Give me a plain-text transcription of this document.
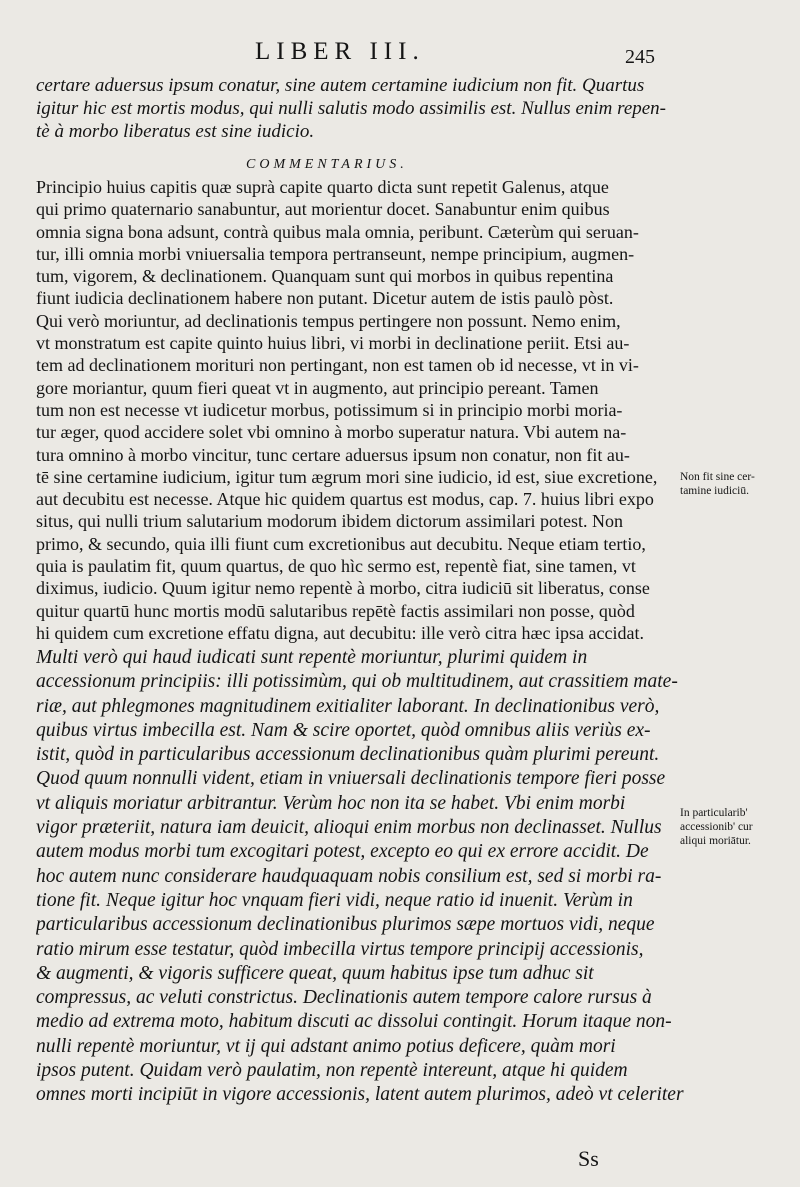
LIBER III.	245

certare aduersus ipsum conatur, sine autem certamine iudicium non fit. Quartus
igitur hic est mortis modus, qui nulli salutis modo assimilis est. Nullus enim repen-
tè à morbo liberatus est sine iudicio.

COMMENTARIUS.

Principio huius capitis quæ suprà capite quarto dicta sunt repetit Galenus, atque
qui primo quaternario sanabuntur, aut morientur docet. Sanabuntur enim quibus
omnia signa bona adsunt, contrà quibus mala omnia, peribunt. Cæterùm qui seruan-
tur, illi omnia morbi vniuersalia tempora pertranseunt, nempe principium, augmen-
tum, vigorem, & declinationem. Quanquam sunt qui morbos in quibus repentina
fiunt iudicia declinationem habere non putant. Dicetur autem de istis paulò pòst.
Qui verò moriuntur, ad declinationis tempus pertingere non possunt. Nemo enim,
vt monstratum est capite quinto huius libri, vi morbi in declinatione periit. Etsi au-
tem ad declinationem morituri non pertingant, non est tamen ob id necesse, vt in vi-
gore moriantur, quum fieri queat vt in augmento, aut principio pereant. Tamen
tum non est necesse vt iudicetur morbus, potissimum si in principio morbi moria-
tur æger, quod accidere solet vbi omnino à morbo superatur natura. Vbi autem na-
tura omnino à morbo vincitur, tunc certare aduersus ipsum non conatur, non fit au-
tē sine certamine iudicium, igitur tum ægrum mori sine iudicio, id est, siue excretione,
aut decubitu est necesse. Atque hic quidem quartus est modus, cap. 7. huius libri expo
situs, qui nulli trium salutarium modorum ibidem dictorum assimilari potest. Non
primo, & secundo, quia illi fiunt cum excretionibus aut decubitu. Neque etiam tertio,
quia is paulatim fit, quum quartus, de quo hìc sermo est, repentè fiat, sine tamen, vt
diximus, iudicio. Quum igitur nemo repentè à morbo, citra iudiciū sit liberatus, conse
quitur quartū hunc mortis modū salutaribus repētè factis assimilari non posse, quòd
hi quidem cum excretione effatu digna, aut decubitu: ille verò citra hæc ipsa accidat.

Multi verò qui haud iudicati sunt repentè moriuntur, plurimi quidem in
accessionum principiis: illi potissimùm, qui ob multitudinem, aut crassitiem mate-
riæ, aut phlegmones magnitudinem exitialiter laborant. In declinationibus verò,
quibus virtus imbecilla est. Nam & scire oportet, quòd omnibus aliis veriùs ex-
istit, quòd in particularibus accessionum declinationibus quàm plurimi pereunt.
Quod quum nonnulli vident, etiam in vniuersali declinationis tempore fieri posse
vt aliquis moriatur arbitrantur. Verùm hoc non ita se habet. Vbi enim morbi
vigor præteriit, natura iam deuicit, alioqui enim morbus non declinasset. Nullus
autem modus morbi tum excogitari potest, excepto eo qui ex errore accidit. De
hoc autem nunc considerare haudquaquam nobis consilium est, sed si morbi ra-
tione fit. Neque igitur hoc vnquam fieri vidi, neque ratio id inuenit. Verùm in
particularibus accessionum declinationibus plurimos sæpe mortuos vidi, neque
ratio mirum esse testatur, quòd imbecilla virtus tempore principij accessionis,
& augmenti, & vigoris sufficere queat, quum habitus ipse tum adhuc sit
compressus, ac veluti constrictus. Declinationis autem tempore calore rursus à
medio ad extrema moto, habitum discuti ac dissolui contingit. Horum itaque non-
nulli repentè moriuntur, vt ij qui adstant animo potius deficere, quàm mori
ipsos putent. Quidam verò paulatim, non repentè intereunt, atque hi quidem
omnes morti incipiūt in vigore accessionis, latent autem plurimos, adeò vt celeriter

Non fit sine cer-
tamine iudiciū.
In particularib'
accessionib' cur
aliqui moriātur.
Ss
